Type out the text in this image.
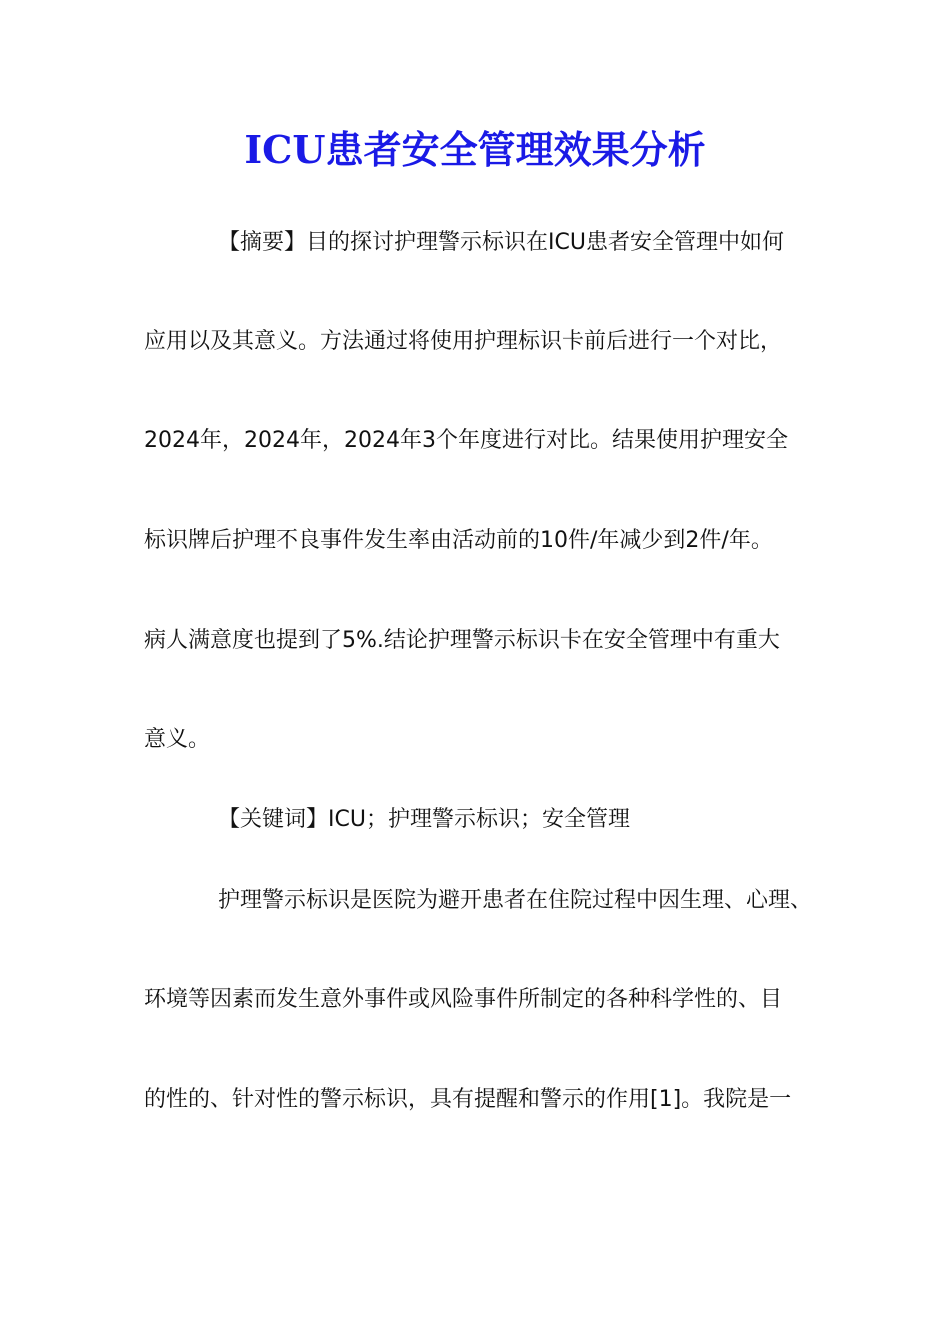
ICU患者安全管理效果分析
【摘要】目的探讨护理警示标识在ICU患者安全管理中如何
应用以及其意义。方法通过将使用护理标识卡前后进行一个对比，
2024年，2024年，2024年3个年度进行对比。结果使用护理安全
标识牌后护理不良事件发生率由活动前的10件/年减少到2件/年。
病人满意度也提到了5%.结论护理警示标识卡在安全管理中有重大
意义。
【关键词】ICU；护理警示标识；安全管理
护理警示标识是医院为避开患者在住院过程中因生理、心理、
环境等因素而发生意外事件或风险事件所制定的各种科学性的、目
的性的、针对性的警示标识，具有提醒和警示的作用[1]。我院是一
